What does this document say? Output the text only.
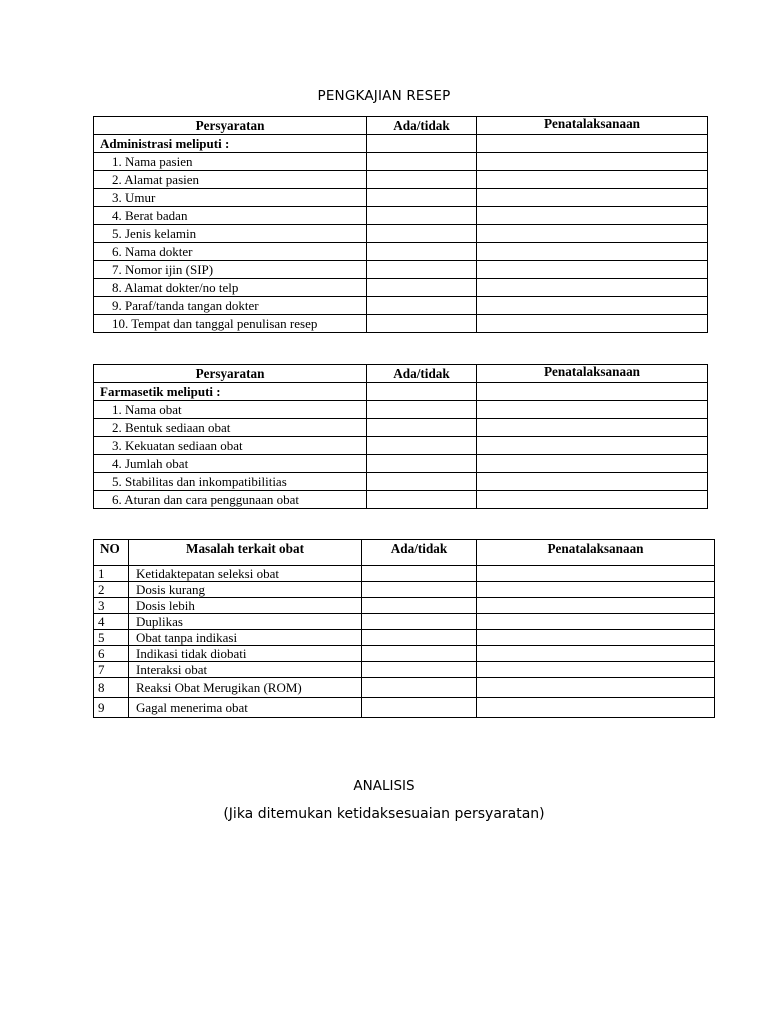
PENGKAJIAN RESEP
Persyaratan	Ada/tidak	Penatalaksanaan
Administrasi meliputi :		
1. Nama pasien		
2. Alamat pasien		
3. Umur		
4. Berat badan		
5. Jenis kelamin		
6. Nama dokter		
7. Nomor ijin (SIP)		
8. Alamat dokter/no telp		
9. Paraf/tanda tangan dokter		
10. Tempat dan tanggal penulisan resep		
Persyaratan	Ada/tidak	Penatalaksanaan
Farmasetik meliputi :		
1. Nama obat		
2. Bentuk sediaan obat		
3. Kekuatan sediaan obat		
4. Jumlah obat		
5. Stabilitas dan inkompatibilitias		
6. Aturan dan cara penggunaan obat		
NO	Masalah terkait obat	Ada/tidak	Penatalaksanaan
1	Ketidaktepatan seleksi obat		
2	Dosis kurang		
3	Dosis lebih		
4	Duplikas		
5	Obat tanpa indikasi		
6	Indikasi tidak diobati		
7	Interaksi obat		
8	Reaksi Obat Merugikan (ROM)		
9	Gagal menerima obat		
ANALISIS
(Jika ditemukan ketidaksesuaian persyaratan)
